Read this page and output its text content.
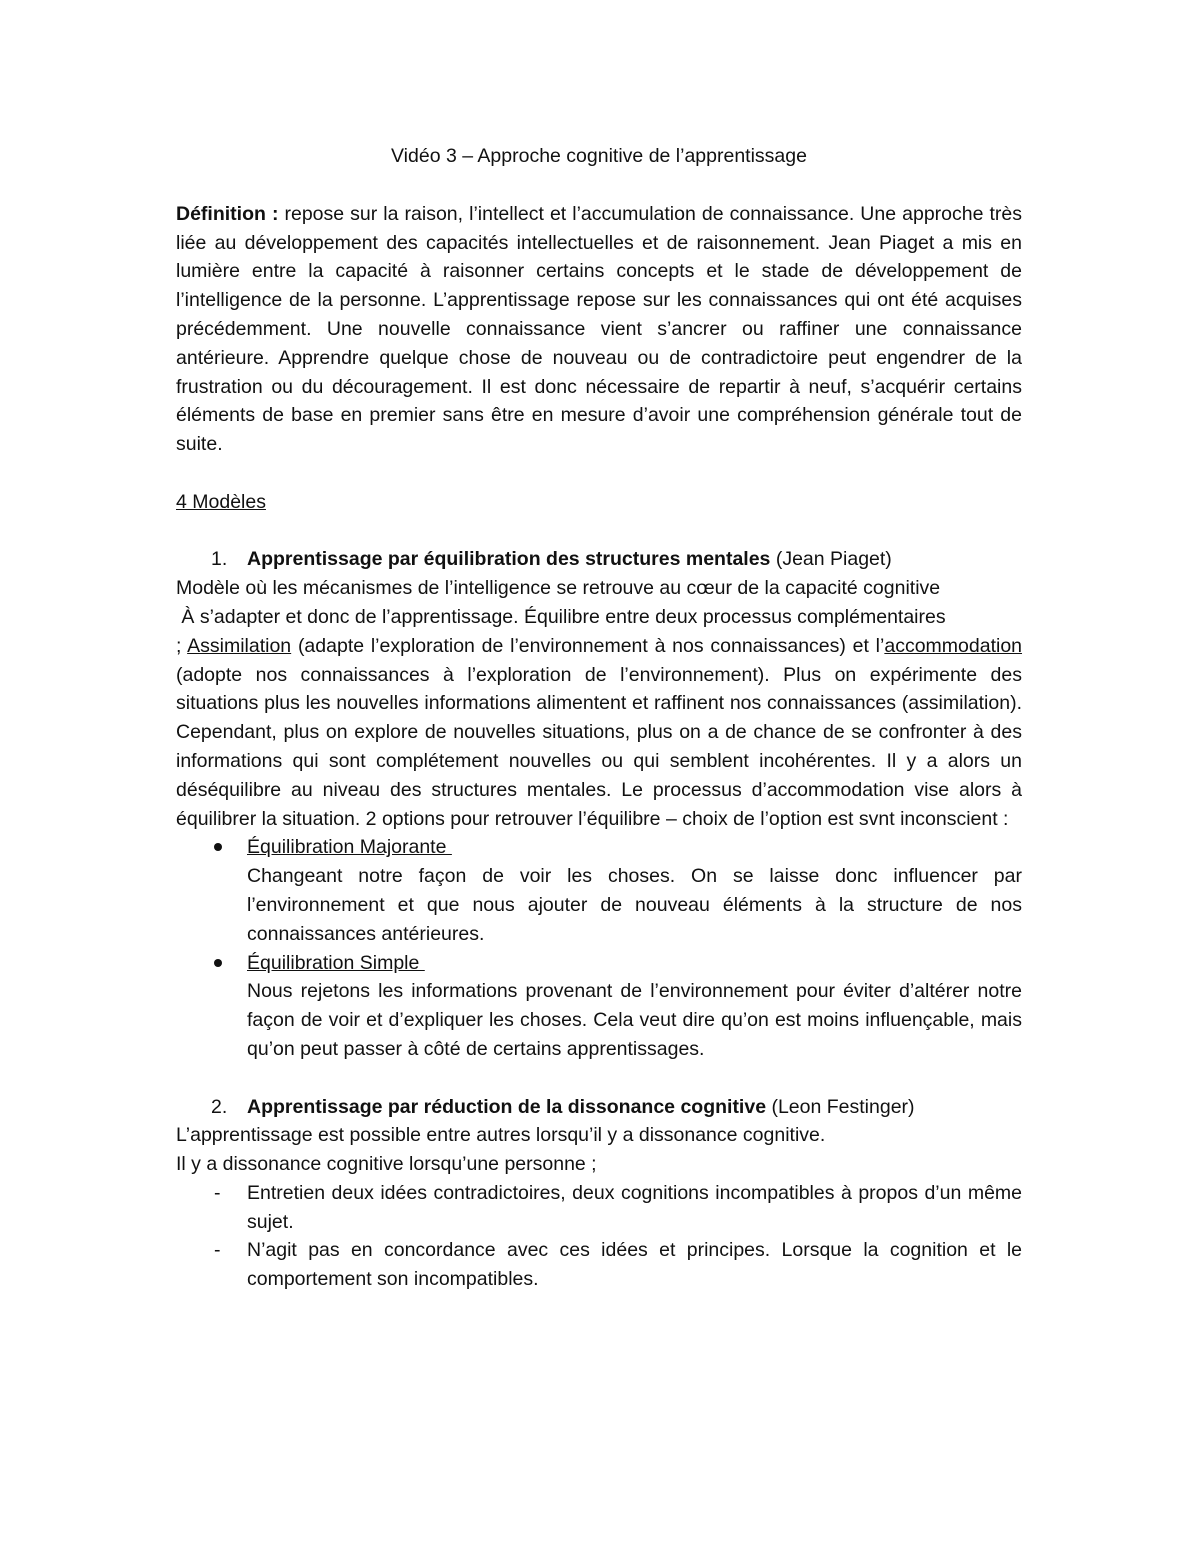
Vidéo 3 – Approche cognitive de l’apprentissage

Définition : repose sur la raison, l’intellect et l’accumulation de connaissance. Une approche très liée au développement des capacités intellectuelles et de raisonnement. Jean Piaget a mis en lumière entre la capacité à raisonner certains concepts et le stade de développement de l’intelligence de la personne. L’apprentissage repose sur les connaissances qui ont été acquises précédemment. Une nouvelle connaissance vient s’ancrer ou raffiner une connaissance antérieure. Apprendre quelque chose de nouveau ou de contradictoire peut engendrer de la frustration ou du découragement. Il est donc nécessaire de repartir à neuf, s’acquérir certains éléments de base en premier sans être en mesure d’avoir une compréhension générale tout de suite.

4 Modèles
1. Apprentissage par équilibration des structures mentales (Jean Piaget)
Modèle où les mécanismes de l’intelligence se retrouve au cœur de la capacité cognitive
À s’adapter et donc de l’apprentissage. Équilibre entre deux processus complémentaires

; Assimilation (adapte l’exploration de l’environnement à nos connaissances) et l’accommodation (adopte nos connaissances à l’exploration de l’environnement). Plus on expérimente des situations plus les nouvelles informations alimentent et raffinent nos connaissances (assimilation). Cependant, plus on explore de nouvelles situations, plus on a de chance de se confronter à des informations qui sont complétement nouvelles ou qui semblent incohérentes. Il y a alors un déséquilibre au niveau des structures mentales. Le processus d’accommodation vise alors à équilibrer la situation. 2 options pour retrouver l’équilibre – choix de l’option est svnt inconscient :

Équilibration Majorante
Changeant notre façon de voir les choses. On se laisse donc influencer par l’environnement et que nous ajouter de nouveau éléments à la structure de nos connaissances antérieures.
Équilibration Simple
Nous rejetons les informations provenant de l’environnement pour éviter d’altérer notre façon de voir et d’expliquer les choses. Cela veut dire qu’on est moins influençable, mais qu’on peut passer à côté de certains apprentissages.
2. Apprentissage par réduction de la dissonance cognitive (Leon Festinger)
L’apprentissage est possible entre autres lorsqu’il y a dissonance cognitive.
Il y a dissonance cognitive lorsqu’une personne ;
- Entretien deux idées contradictoires, deux cognitions incompatibles à propos d’un même sujet.
- N’agit pas en concordance avec ces idées et principes. Lorsque la cognition et le comportement son incompatibles.
